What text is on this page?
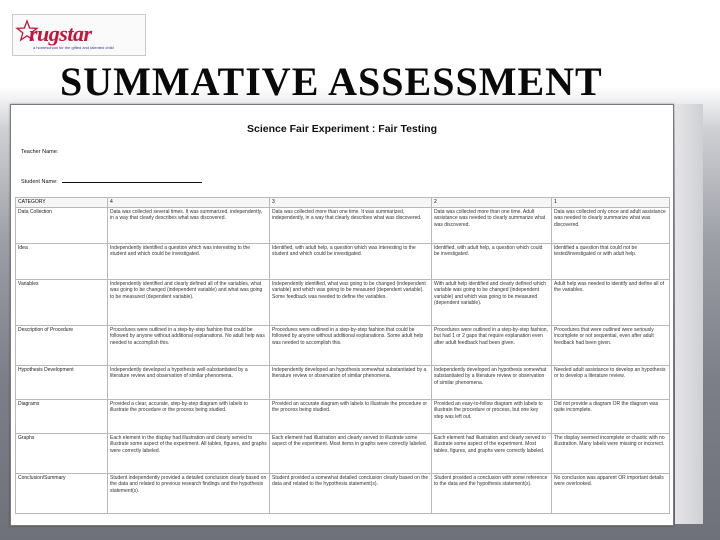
rugstar
a homeschool for the gifted and talented child
SUMMATIVE ASSESSMENT
Science Fair Experiment : Fair Testing
Teacher Name:
Student Name:
CATEGORY	4	3	2	1
Data Collection	Data was collected several times. It was summarized, independently, in a way that clearly describes what was discovered.	Data was collected more than one time. It was summarized, independently, in a way that clearly describes what was discovered.	Data was collected more than one time. Adult assistance was needed to clearly summarize what was discovered.	Data was collected only once and adult assistance was needed to clearly summarize what was discovered.
Idea	Independently identified a question which was interesting to the student and which could be investigated.	Identified, with adult help, a question which was interesting to the student and which could be investigated.	Identified, with adult help, a question which could be investigated.	Identified a question that could not be tested/investigated or with adult help.
Variables	Independently identified and clearly defined all of the variables, what was going to be changed (independent variable) and what was going to be measured (dependent variable).	Independently identified, what was going to be changed (independent variable) and which was going to be measured (dependent variable). Some feedback was needed to define the variables.	With adult help identified and clearly defined which variable was going to be changed (independent variable) and which was going to be measured (dependent variable).	Adult help was needed to identify and define all of the variables.
Description of Procedure	Procedures were outlined in a step-by-step fashion that could be followed by anyone without additional explanations. No adult help was needed to accomplish this.	Procedures were outlined in a step-by-step fashion that could be followed by anyone without additional explanations. Some adult help was needed to accomplish this.	Procedures were outlined in a step-by-step fashion, but had 1 or 2 gaps that require explanation even after adult feedback had been given.	Procedures that were outlined were seriously incomplete or not sequential, even after adult feedback had been given.
Hypothesis Development	Independently developed a hypothesis well-substantiated by a literature review and observation of similar phenomena.	Independently developed an hypothesis somewhat substantiated by a literature review or observation of similar phenomena.	Independently developed an hypothesis somewhat substantiated by a literature review or observation of similar phenomena.	Needed adult assistance to develop an hypothesis or to develop a literature review.
Diagrams	Provided a clear, accurate, step-by-step diagram with labels to illustrate the procedure or the process being studied.	Provided an accurate diagram with labels to illustrate the procedure or the process being studied.	Provided an easy-to-follow diagram with labels to illustrate the procedure or process, but one key step was left out.	Did not provide a diagram OR the diagram was quite incomplete.
Graphs	Each element in the display had illustration and clearly served to illustrate some aspect of the experiment. All tables, figures, and graphs were correctly labeled.	Each element had illustration and clearly served to illustrate some aspect of the experiment. Most items in graphs were correctly labeled.	Each element had illustration and clearly served to illustrate some aspect of the experiment. Most tables, figures, and graphs were correctly labeled.	The display seemed incomplete or chaotic with no illustration. Many labels were missing or incorrect.
Conclusion/Summary	Student independently provided a detailed conclusion clearly based on the data and related to previous research findings and the hypothesis statement(s).	Student provided a somewhat detailed conclusion clearly based on the data and related to the hypothesis statement(s).	Student provided a conclusion with some reference to the data and the hypothesis statement(s).	No conclusion was apparent OR important details were overlooked.
